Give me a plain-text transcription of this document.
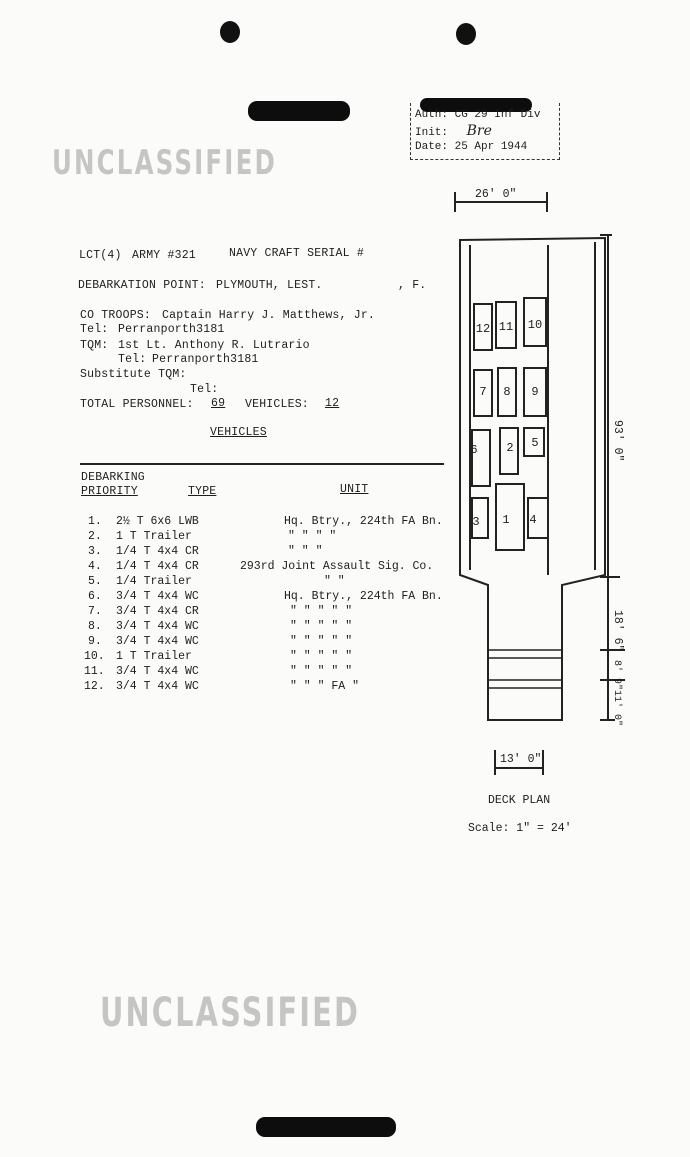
UNCLASSIFIED
UNCLASSIFIED
Auth: CG 29 Inf Div
Init: Bre
Date: 25 Apr 1944
LCT(4) ARMY #321	NAVY CRAFT SERIAL #
DEBARKATION POINT: PLYMOUTH, LEST.	, F.
CO TROOPS: Captain Harry J. Matthews, Jr.
Tel: Perranporth3181
TQM: 1st Lt. Anthony R. Lutrario
Tel: Perranporth3181
Substitute TQM:
Tel:
TOTAL PERSONNEL: 69 VEHICLES: 12
VEHICLES
DEBARKING
PRIORITY	TYPE	UNIT
1. 2½ T 6x6 LWB	Hq. Btry., 224th FA Bn.
2. 1 T Trailer	" " " "
3. 1/4 T 4x4 CR	" " "
4. 1/4 T 4x4 CR	293rd Joint Assault Sig. Co.
5. 1/4 Trailer	" "
6. 3/4 T 4x4 WC	Hq. Btry., 224th FA Bn.
7. 3/4 T 4x4 CR	" " " " "
8. 3/4 T 4x4 WC	" " " " "
9. 3/4 T 4x4 WC	" " " " "
10. 1 T Trailer	" " " " "
11. 3/4 T 4x4 WC	" " " " "
12. 3/4 T 4x4 WC	" " " FA "
12 11 10
7 8 9
6 2 5
3 1 4
26' 0"
93' 0"
18' 6"
8' 9"
11' 0"
13' 0"
DECK PLAN
Scale: 1" = 24'
